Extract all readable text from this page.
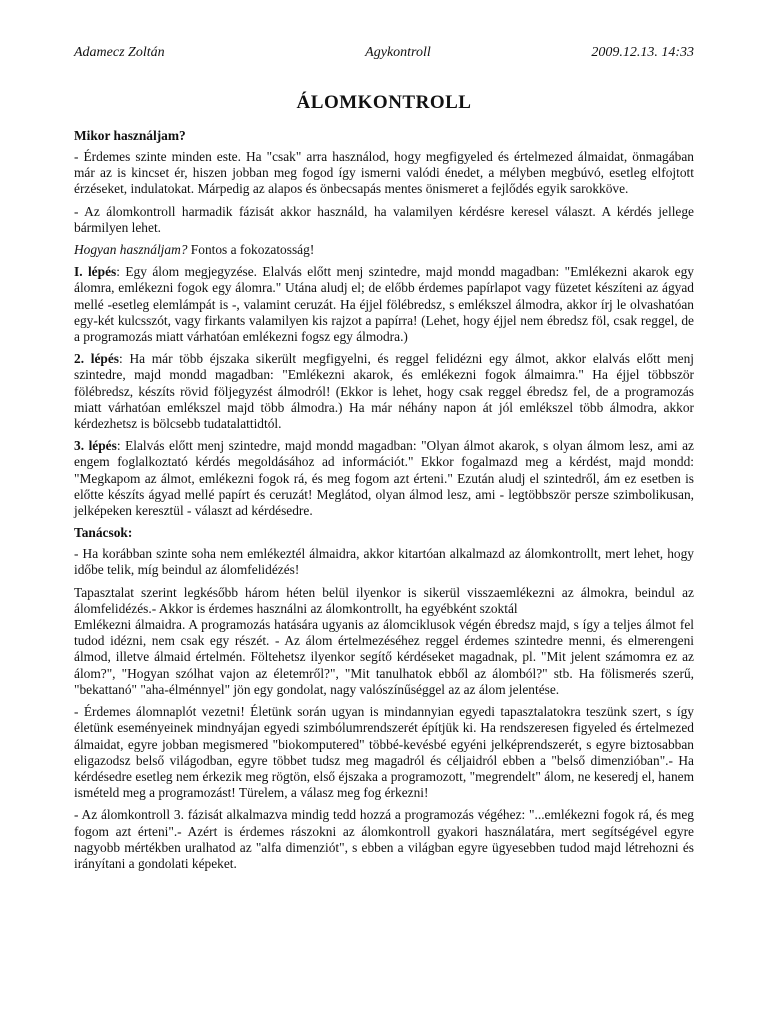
Adamecz Zoltán	Agykontroll	2009.12.13. 14:33
ÁLOMKONTROLL
Mikor használjam?

- Érdemes szinte minden este. Ha "csak" arra használod, hogy megfigyeled és értelmezed álmaidat, önmagában már az is kincset ér, hiszen jobban meg fogod így ismerni valódi énedet, a mélyben megbúvó, esetleg elfojtott érzéseket, indulatokat. Márpedig az alapos és önbecsapás mentes önismeret a fejlődés egyik sarokköve.

- Az álomkontroll harmadik fázisát akkor használd, ha valamilyen kérdésre keresel választ. A kérdés jellege bármilyen lehet.

Hogyan használjam? Fontos a fokozatosság!

I. lépés: Egy álom megjegyzése. Elalvás előtt menj szintedre, majd mondd magadban: "Emlékezni akarok egy álomra, emlékezni fogok egy álomra." Utána aludj el; de előbb érdemes papírlapot vagy füzetet készíteni az ágyad mellé -esetleg elemlámpát is -, valamint ceruzát. Ha éjjel fölébredsz, s emlékszel álmodra, akkor írj le olvashatóan egy-két kulcsszót, vagy firkants valamilyen kis rajzot a papírra! (Lehet, hogy éjjel nem ébredsz föl, csak reggel, de a programozás miatt várhatóan emlékezni fogsz egy álmodra.)

2. lépés: Ha már több éjszaka sikerült megfigyelni, és reggel felidézni egy álmot, akkor elalvás előtt menj szintedre, majd mondd magadban: "Emlékezni akarok, és emlékezni fogok álmaimra." Ha éjjel többször fölébredsz, készíts rövid följegyzést álmodról! (Ekkor is lehet, hogy csak reggel ébredsz fel, de a programozás miatt várhatóan emlékszel majd több álmodra.) Ha már néhány napon át jól emlékszel több álmodra, akkor kérdezhetsz is bölcsebb tudatalattidtól.

3. lépés: Elalvás előtt menj szintedre, majd mondd magadban: "Olyan álmot akarok, s olyan álmom lesz, ami az engem foglalkoztató kérdés megoldásához ad információt." Ekkor fogalmazd meg a kérdést, majd mondd: "Megkapom az álmot, emlékezni fogok rá, és meg fogom azt érteni." Ezután aludj el szintedről, ám ez esetben is előtte készíts ágyad mellé papírt és ceruzát! Meglátod, olyan álmod lesz, ami - legtöbbször persze szimbolikusan, jelképeken keresztül - választ ad kérdésedre.

Tanácsok:

- Ha korábban szinte soha nem emlékeztél álmaidra, akkor kitartóan alkalmazd az álomkontrollt, mert lehet, hogy időbe telik, míg beindul az álomfelidézés!

Tapasztalat szerint legkésőbb három héten belül ilyenkor is sikerül visszaemlékezni az álmokra, beindul az álomfelidézés.- Akkor is érdemes használni az álomkontrollt, ha egyébként szoktál

Emlékezni álmaidra. A programozás hatására ugyanis az álomciklusok végén ébredsz majd, s így a teljes álmot fel tudod idézni, nem csak egy részét. - Az álom értelmezéséhez reggel érdemes szintedre menni, és elmerengeni álmod, illetve álmaid értelmén. Föltehetsz ilyenkor segítő kérdéseket magadnak, pl. "Mit jelent számomra ez az álom?", "Hogyan szólhat vajon az életemről?", "Mit tanulhatok ebből az álomból?" stb. Ha fölismerés szerű, "bekattanó" "aha-élménnyel" jön egy gondolat, nagy valószínűséggel az az álom jelentése.

- Érdemes álomnaplót vezetni! Életünk során ugyan is mindannyian egyedi tapasztalatokra teszünk szert, s így életünk eseményeinek mindnyájan egyedi szimbólumrendszerét építjük ki. Ha rendszeresen figyeled és értelmezed álmaidat, egyre jobban megismered "biokomputered" többé-kevésbé egyéni jelképrendszerét, s egyre biztosabban eligazodsz belső világodban, egyre többet tudsz meg magadról és céljaidról ebben a "belső dimenzióban".- Ha kérdésedre esetleg nem érkezik meg rögtön, első éjszaka a programozott, "megrendelt" álom, ne keseredj el, hanem ismételd meg a programozást! Türelem, a válasz meg fog érkezni!

- Az álomkontroll 3. fázisát alkalmazva mindig tedd hozzá a programozás végéhez: "...emlékezni fogok rá, és meg fogom azt érteni".- Azért is érdemes rászokni az álomkontroll gyakori használatára, mert segítségével egyre nagyobb mértékben uralhatod az "alfa dimenziót", s ebben a világban egyre ügyesebben tudod majd létrehozni és irányítani a gondolati képeket.
